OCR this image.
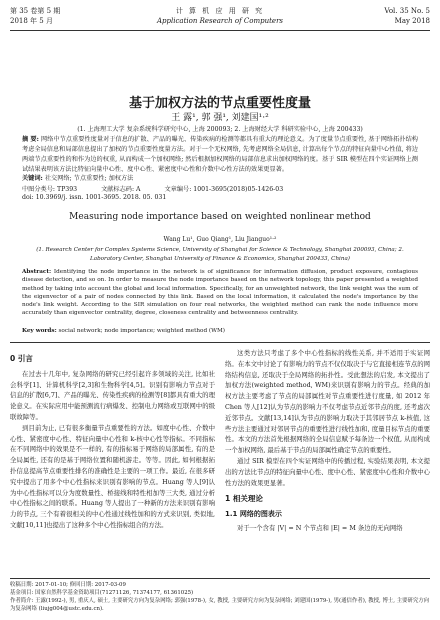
第 35 卷第 5 期
2018 年 5 月
计 算 机 应 用 研 究
Application Research of Computers
Vol. 35 No. 5
May 2018
基于加权方法的节点重要性度量
王 露¹, 郭 强¹, 刘建国¹·²
(1. 上海理工大学 复杂系统科学研究中心, 上海 200093; 2. 上海财经大学 科研实验中心, 上海 200433)
摘 要: 网络中节点重要性度量对于信息的扩散、产品的曝光、传染疾病的检测等都具有重大的理论意义。为了度量节点重要性, 基于网络拓扑结构考虑全局信息和局部信息提出了加权的节点重要性度量方法。对于一个无权网络, 先考虑网络全局信息, 计算出每个节点的特征向量中心性值, 将边两端节点重要性的和作为边的权重, 从而构成一个加权网络; 然后根据加权网络的局部信息求出加权网络的度。基于 SIR 模型在四个实证网络上测试结果表明该方法比特征向量中心性、度中心性、紧密度中心性和介数中心性方法的效果更显著。
关键词: 社交网络; 节点重要性; 加权方法
中图分类号: TP393	文献标志码: A	文章编号: 1001-3695(2018)05-1426-03
doi: 10.3969/j. issn. 1001-3695. 2018. 05. 031
Measuring node importance based on weighted nonlinear method
Wang Lu¹, Guo Qiang¹, Liu Jianguo¹·²
(1. Research Center for Complex Systems Science, University of Shanghai for Science & Technology, Shanghai 200093, China; 2. Laboratory Center, Shanghai University of Finance & Economics, Shanghai 200433, China)
Abstract: Identifying the node importance in the network is of significance for information diffusion, product exposure, contagious disease detection, and so on. In order to measure the node importance based on the network topology, this paper presented a weighted method by taking into account the global and local information. Specifically, for an unweighted network, the link weight was the sum of the eigenvector of a pair of nodes connected by this link. Based on the local information, it calculated the node's importance by the node's link weight. According to the SIR simulation on four real networks, the weighted method can rank the node influence more accurately than eigenvector centrality, degree, closeness centrality and betweenness centrality.
Key words: social network; node importance; weighted method (WM)
0 引言

在过去十几年中, 复杂网络的研究已经引起许多领域的关注, 比如社会科学[1]、计算机科学[2,3]和生物科学[4,5]。识别有影响力节点对于信息的扩散[6,7]、产品的曝光、传染性疾病的检测等[8]都具有重大的理论意义。在实际应用中能预测流行病爆发、控制电力网络或互联网中的级联故障等。

到目前为止, 已有很多衡量节点重要性的方法。如度中心性、介数中心性、紧密度中心性、特征向量中心性和 k-核中心性等指标。不同指标在不同网络中的效果是不一样的, 有的指标易于网络的局部属性, 有的是全局属性, 还有的是基于网络位置和随机游走。等等。因此, 如何根据拓扑信息提高节点重要性排名的准确性是主要的一项工作。最近, 在很多研究中提出了用多个中心性指标来识别有影响的节点。Huang 等人[9]认为中心性指标可以分为度数量性、桥接线和特性相加等三大类, 通过分析中心性指标之间的联系。Huang 等人提出了一种新的方法来识别有影响力的节点, 三个有着很相关的中心性通过线性加和的方式来识别, 类似地, 文献[10,11]也提出了这种多个中心性指标组合的方法。

这类方法只考虑了多个中心性指标的线性关系, 并不适用于实证网络。在本文中讨论了有影响力的节点不仅仅取决于与它直接相连节点的网络结构信息, 还取决于全局网络的拓扑性。受此想法的启发, 本文提出了加权方法(weighted method, WM)来识别有影响力的节点。经典的加权方法主要考虑了节点的局部属性对节点重要性进行度量, 如 2012 年 Chen 等人[12]认为节点的影响力不仅考虑节点近邻节点的度, 还考虑次近邻节点。文献[13,14]认为节点的影响力取决于其邻居节点 k-核值, 这些方法主要通过对邻居节点的重要性进行线性加和, 度量目标节点的重要性。本文的方法首先根据网络的全局信息赋予每条边一个权值, 从而构成一个加权网络, 最后基于节点的局部属性确定节点的重要性。

通过 SIR 模型在四个实证网络中的传播过程, 实验结果表明, 本文提出的方法比节点的特征向量中心性、度中心性、紧密度中心性和介数中心性方法的效果更显著。

1 相关理论
1.1 网络的图表示

对于一个含有 |V| = N 个节点和 |E| = M 条边的无向网络

收稿日期: 2017-01-10; 修回日期: 2017-03-09
基金项目: 国家自然科学基金资助项目(71271126, 71374177, 61361025)
作者简介: 王露(1992-), 男, 重庆人, 硕士, 主要研究方向为复杂网络; 郭强(1978-), 女, 教授, 主要研究方向为复杂网络; 刘建国(1979-), 男(通信作者), 教授, 博士, 主要研究方向为复杂网络 (liujg004@ustc.edu.cn).
